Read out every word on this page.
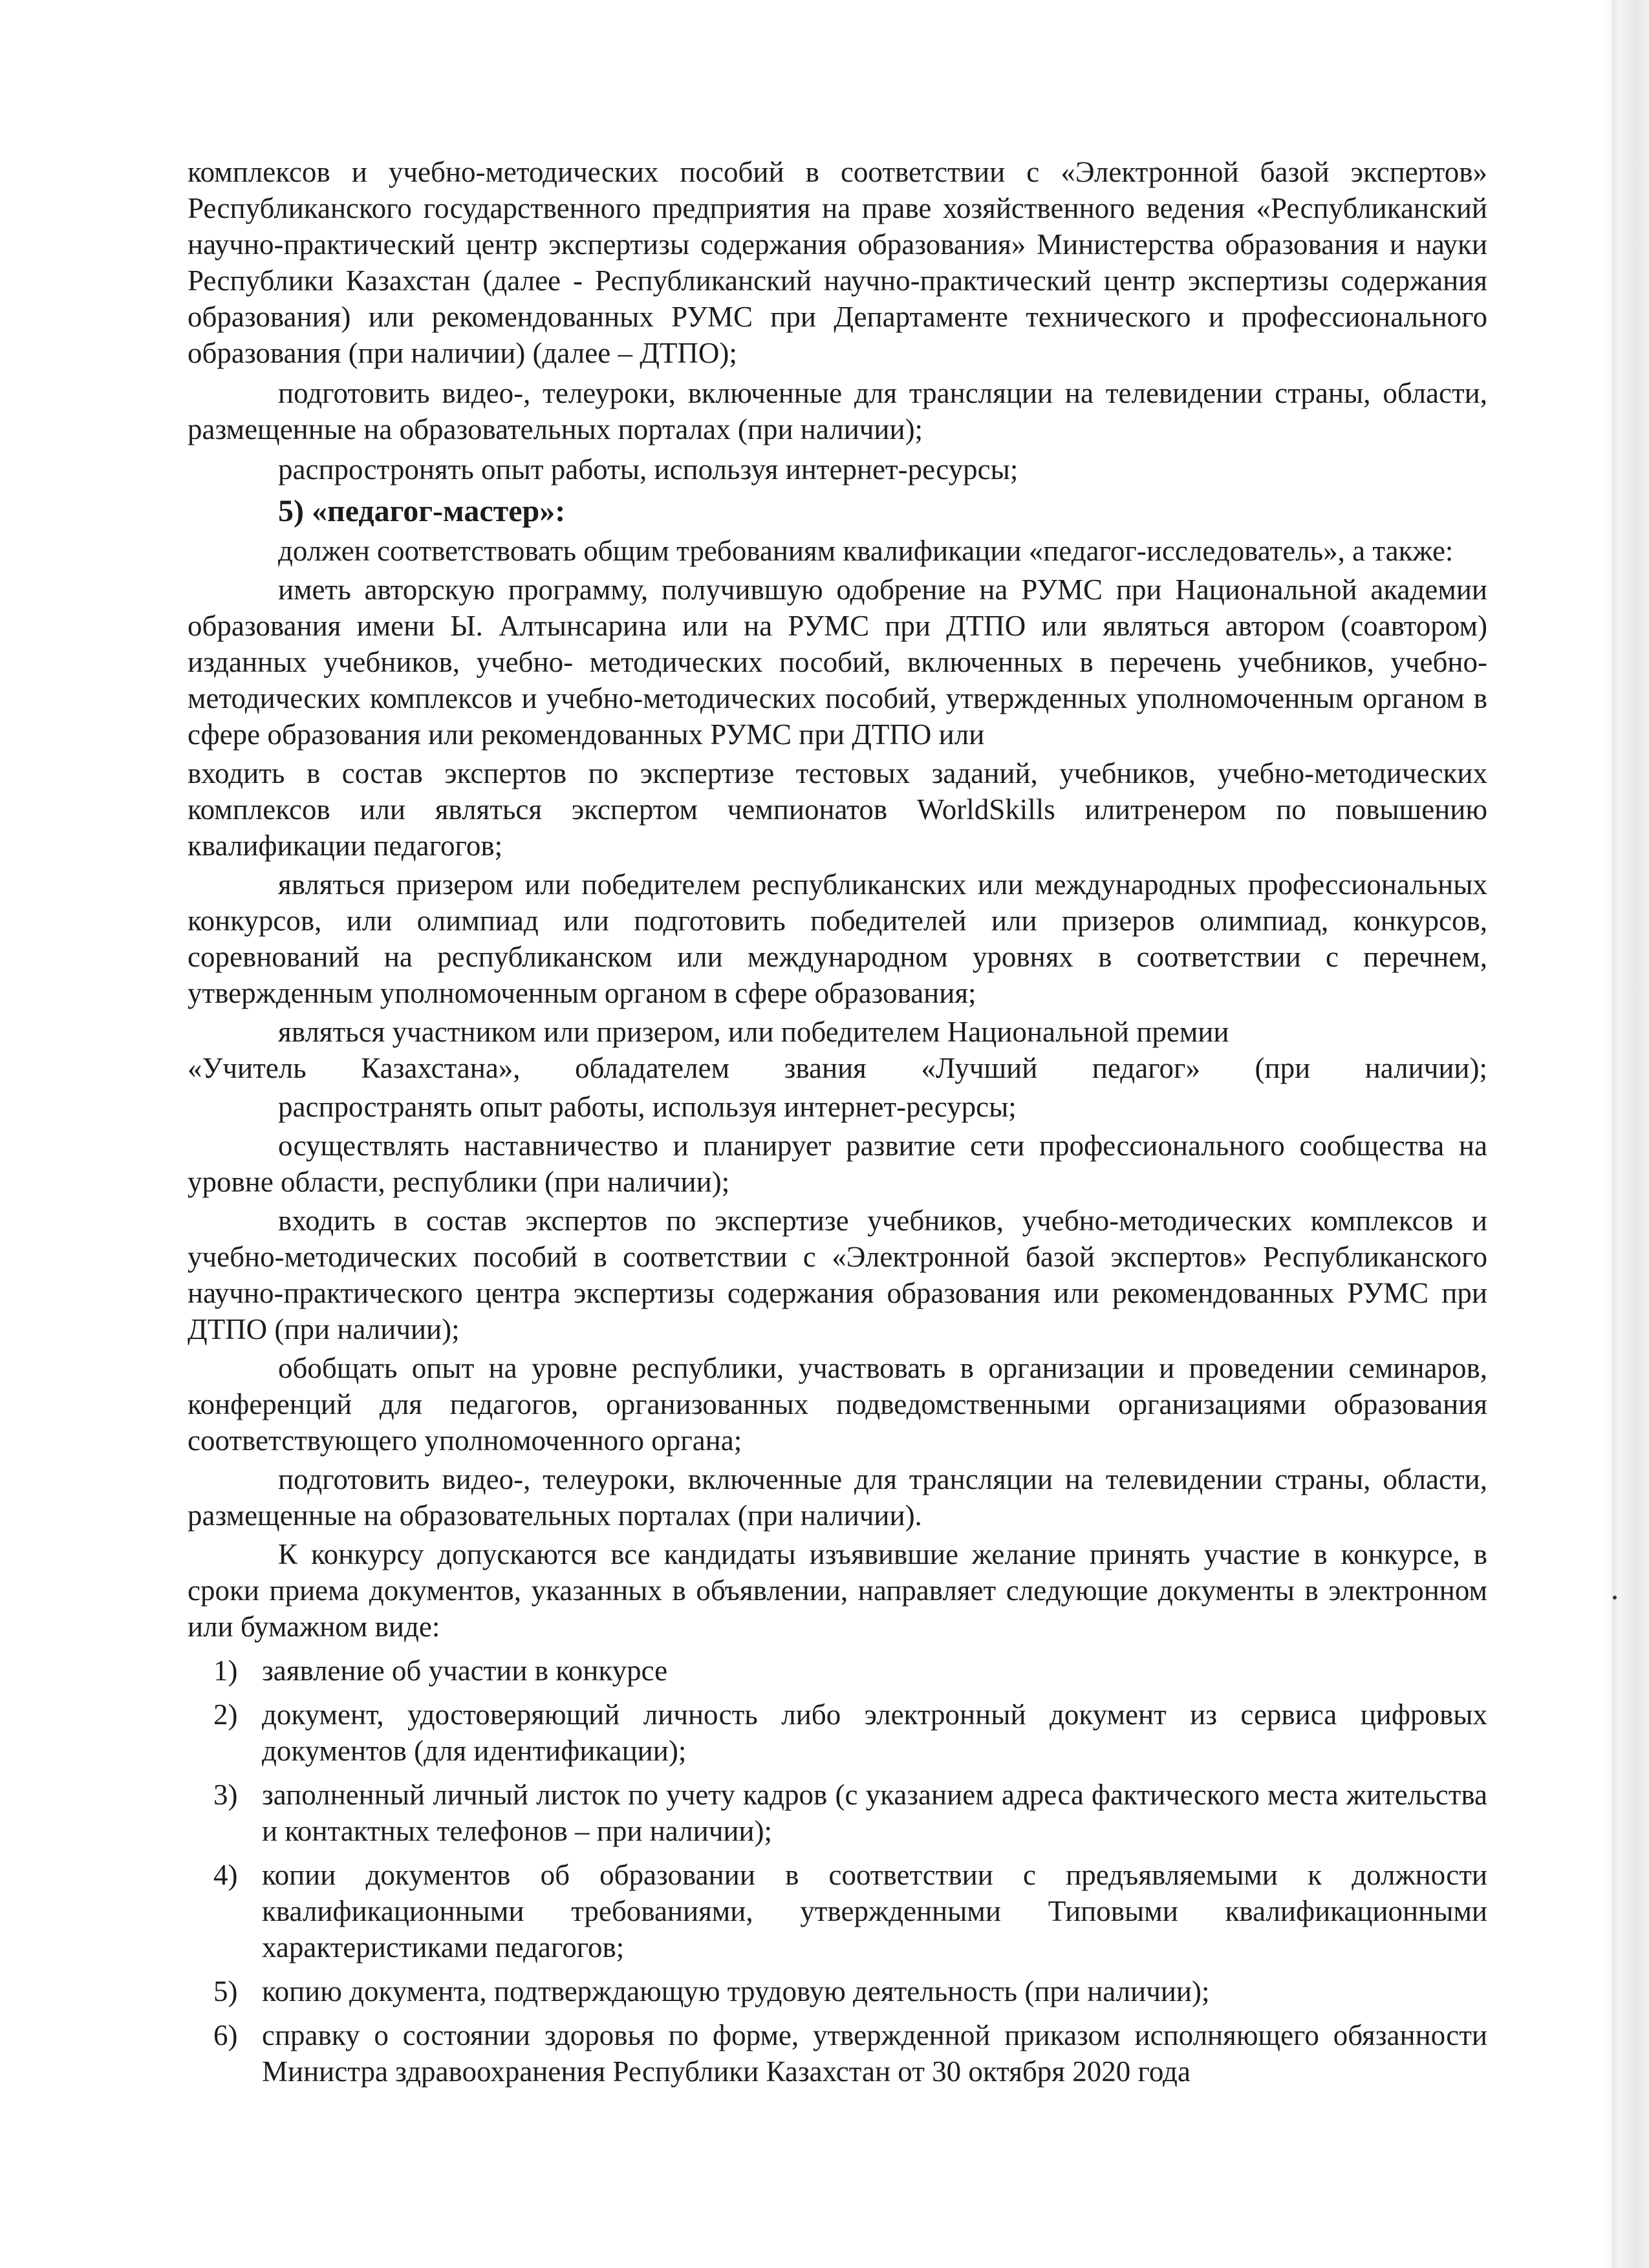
комплексов и учебно-методических пособий в соответствии с «Электронной базой экспертов» Республиканского государственного предприятия на праве хозяйственного ведения «Республиканский научно-практический центр экспертизы содержания образования» Министерства образования и науки Республики Казахстан (далее - Республиканский научно-практический центр экспертизы содержания образования) или рекомендованных РУМС при Департаменте технического и профессионального образования (при наличии) (далее – ДТПО);

подготовить видео-, телеуроки, включенные для трансляции на телевидении страны, области, размещенные на образовательных порталах (при наличии);

распростронять опыт работы, используя интернет-ресурсы;

5) «педагог-мастер»:

должен соответствовать общим требованиям квалификации «педагог-исследователь», а также:

иметь авторскую программу, получившую одобрение на РУМС при Национальной академии образования имени Ы. Алтынсарина или на РУМС при ДТПО или являться автором (соавтором) изданных учебников, учебно- методических пособий, включенных в перечень учебников, учебно-методических комплексов и учебно-методических пособий, утвержденных уполномоченным органом в сфере образования или рекомендованных РУМС при ДТПО или

входить в состав экспертов по экспертизе тестовых заданий, учебников, учебно-методических комплексов или являться экспертом чемпионатов WorldSkills илитренером по повышению квалификации педагогов;

являться призером или победителем республиканских или международных профессиональных конкурсов, или олимпиад или подготовить победителей или призеров олимпиад, конкурсов, соревнований на республиканском или международном уровнях в соответствии с перечнем, утвержденным уполномоченным органом в сфере образования;

являться участником или призером, или победителем Национальной премии

«Учитель Казахстана», обладателем звания «Лучший педагог» (при наличии);

распространять опыт работы, используя интернет-ресурсы;

осуществлять наставничество и планирует развитие сети профессионального сообщества на уровне области, республики (при наличии);

входить в состав экспертов по экспертизе учебников, учебно-методических комплексов и учебно-методических пособий в соответствии с «Электронной базой экспертов» Республиканского научно-практического центра экспертизы содержания образования или рекомендованных РУМС при ДТПО (при наличии);

обобщать опыт на уровне республики, участвовать в организации и проведении семинаров, конференций для педагогов, организованных подведомственными организациями образования соответствующего уполномоченного органа;

подготовить видео-, телеуроки, включенные для трансляции на телевидении страны, области, размещенные на образовательных порталах (при наличии).

К конкурсу допускаются все кандидаты изъявившие желание принять участие в конкурсе, в сроки приема документов, указанных в объявлении, направляет следующие документы в электронном или бумажном виде:

1) заявление об участии в конкурсе
2) документ, удостоверяющий личность либо электронный документ из сервиса цифровых документов (для идентификации);
3) заполненный личный листок по учету кадров (с указанием адреса фактического места жительства и контактных телефонов – при наличии);
4) копии документов об образовании в соответствии с предъявляемыми к должности квалификационными требованиями, утвержденными Типовыми квалификационными характеристиками педагогов;
5) копию документа, подтверждающую трудовую деятельность (при наличии);
6) справку о состоянии здоровья по форме, утвержденной приказом исполняющего обязанности Министра здравоохранения Республики Казахстан от 30 октября 2020 года
